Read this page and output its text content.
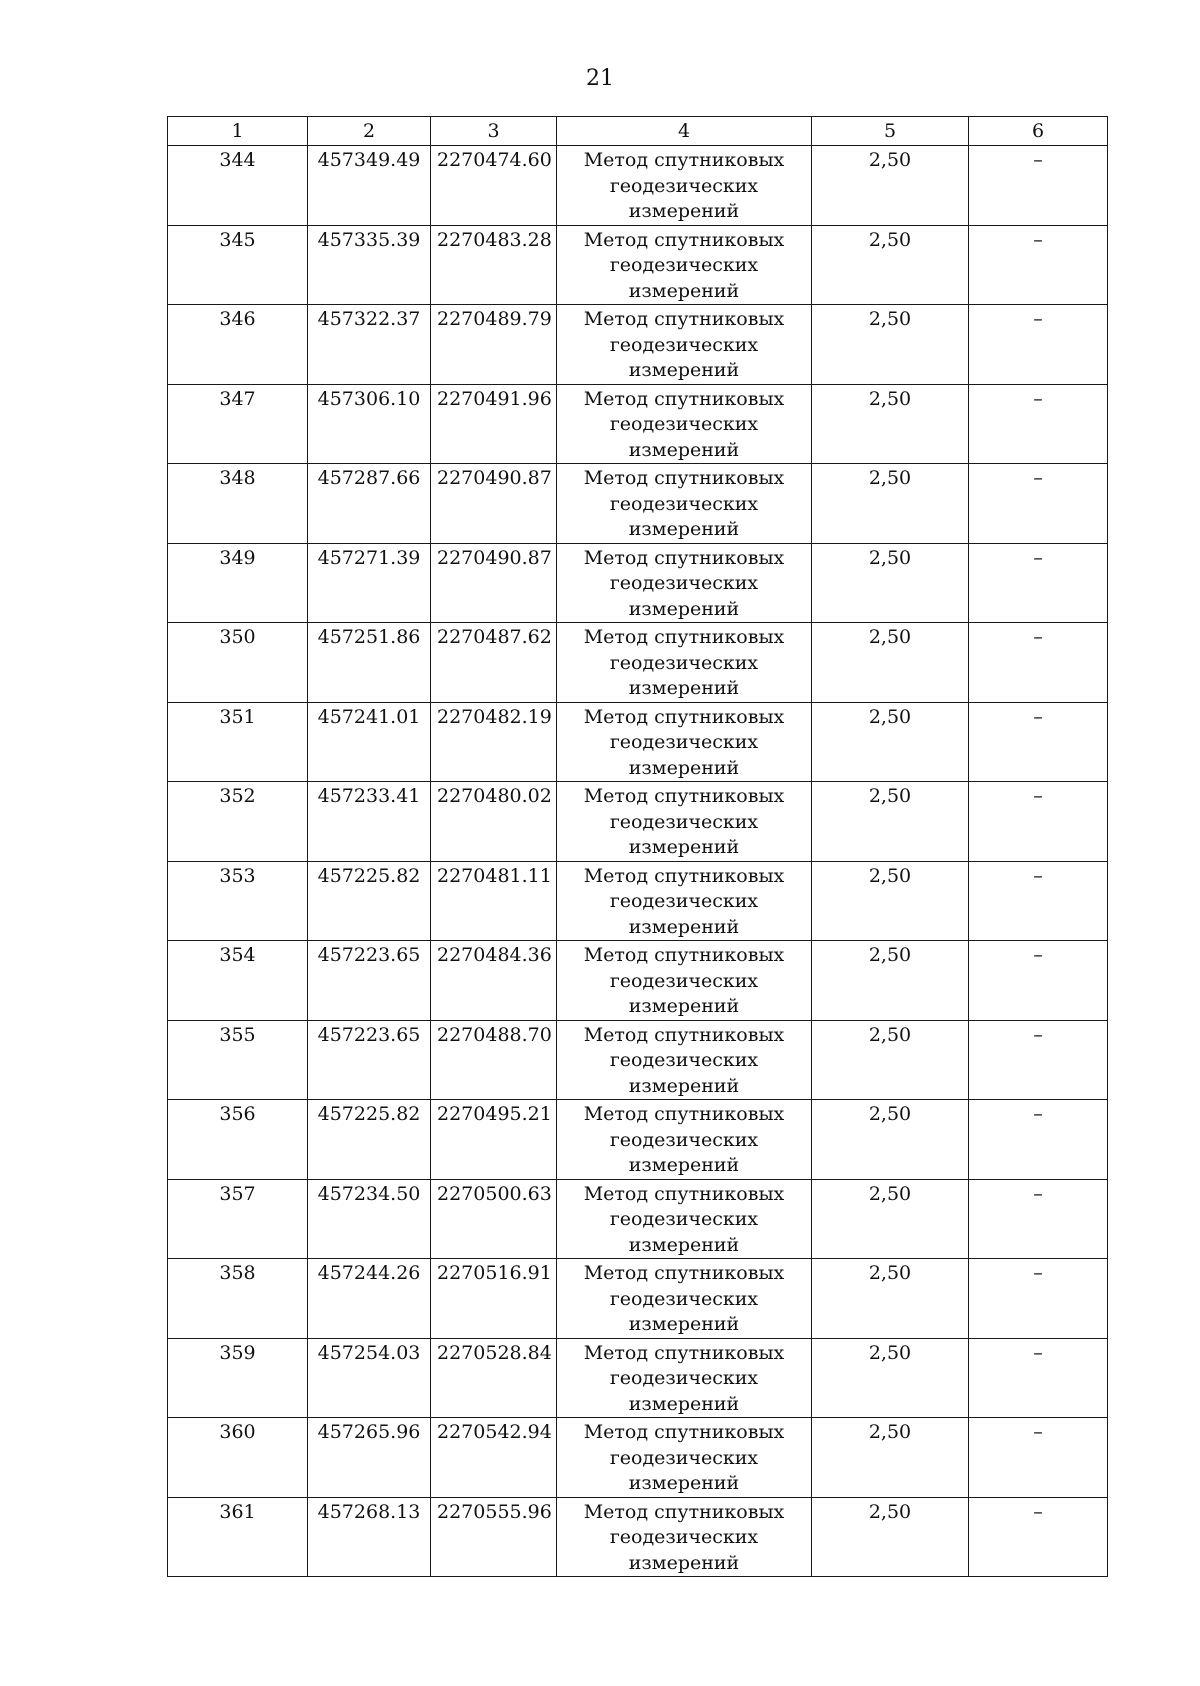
21
1	2	3	4	5	6
344	457349.49	2270474.60	Метод спутниковых
геодезических
измерений	2,50	–
345	457335.39	2270483.28	Метод спутниковых
геодезических
измерений	2,50	–
346	457322.37	2270489.79	Метод спутниковых
геодезических
измерений	2,50	–
347	457306.10	2270491.96	Метод спутниковых
геодезических
измерений	2,50	–
348	457287.66	2270490.87	Метод спутниковых
геодезических
измерений	2,50	–
349	457271.39	2270490.87	Метод спутниковых
геодезических
измерений	2,50	–
350	457251.86	2270487.62	Метод спутниковых
геодезических
измерений	2,50	–
351	457241.01	2270482.19	Метод спутниковых
геодезических
измерений	2,50	–
352	457233.41	2270480.02	Метод спутниковых
геодезических
измерений	2,50	–
353	457225.82	2270481.11	Метод спутниковых
геодезических
измерений	2,50	–
354	457223.65	2270484.36	Метод спутниковых
геодезических
измерений	2,50	–
355	457223.65	2270488.70	Метод спутниковых
геодезических
измерений	2,50	–
356	457225.82	2270495.21	Метод спутниковых
геодезических
измерений	2,50	–
357	457234.50	2270500.63	Метод спутниковых
геодезических
измерений	2,50	–
358	457244.26	2270516.91	Метод спутниковых
геодезических
измерений	2,50	–
359	457254.03	2270528.84	Метод спутниковых
геодезических
измерений	2,50	–
360	457265.96	2270542.94	Метод спутниковых
геодезических
измерений	2,50	–
361	457268.13	2270555.96	Метод спутниковых
геодезических
измерений	2,50	–
